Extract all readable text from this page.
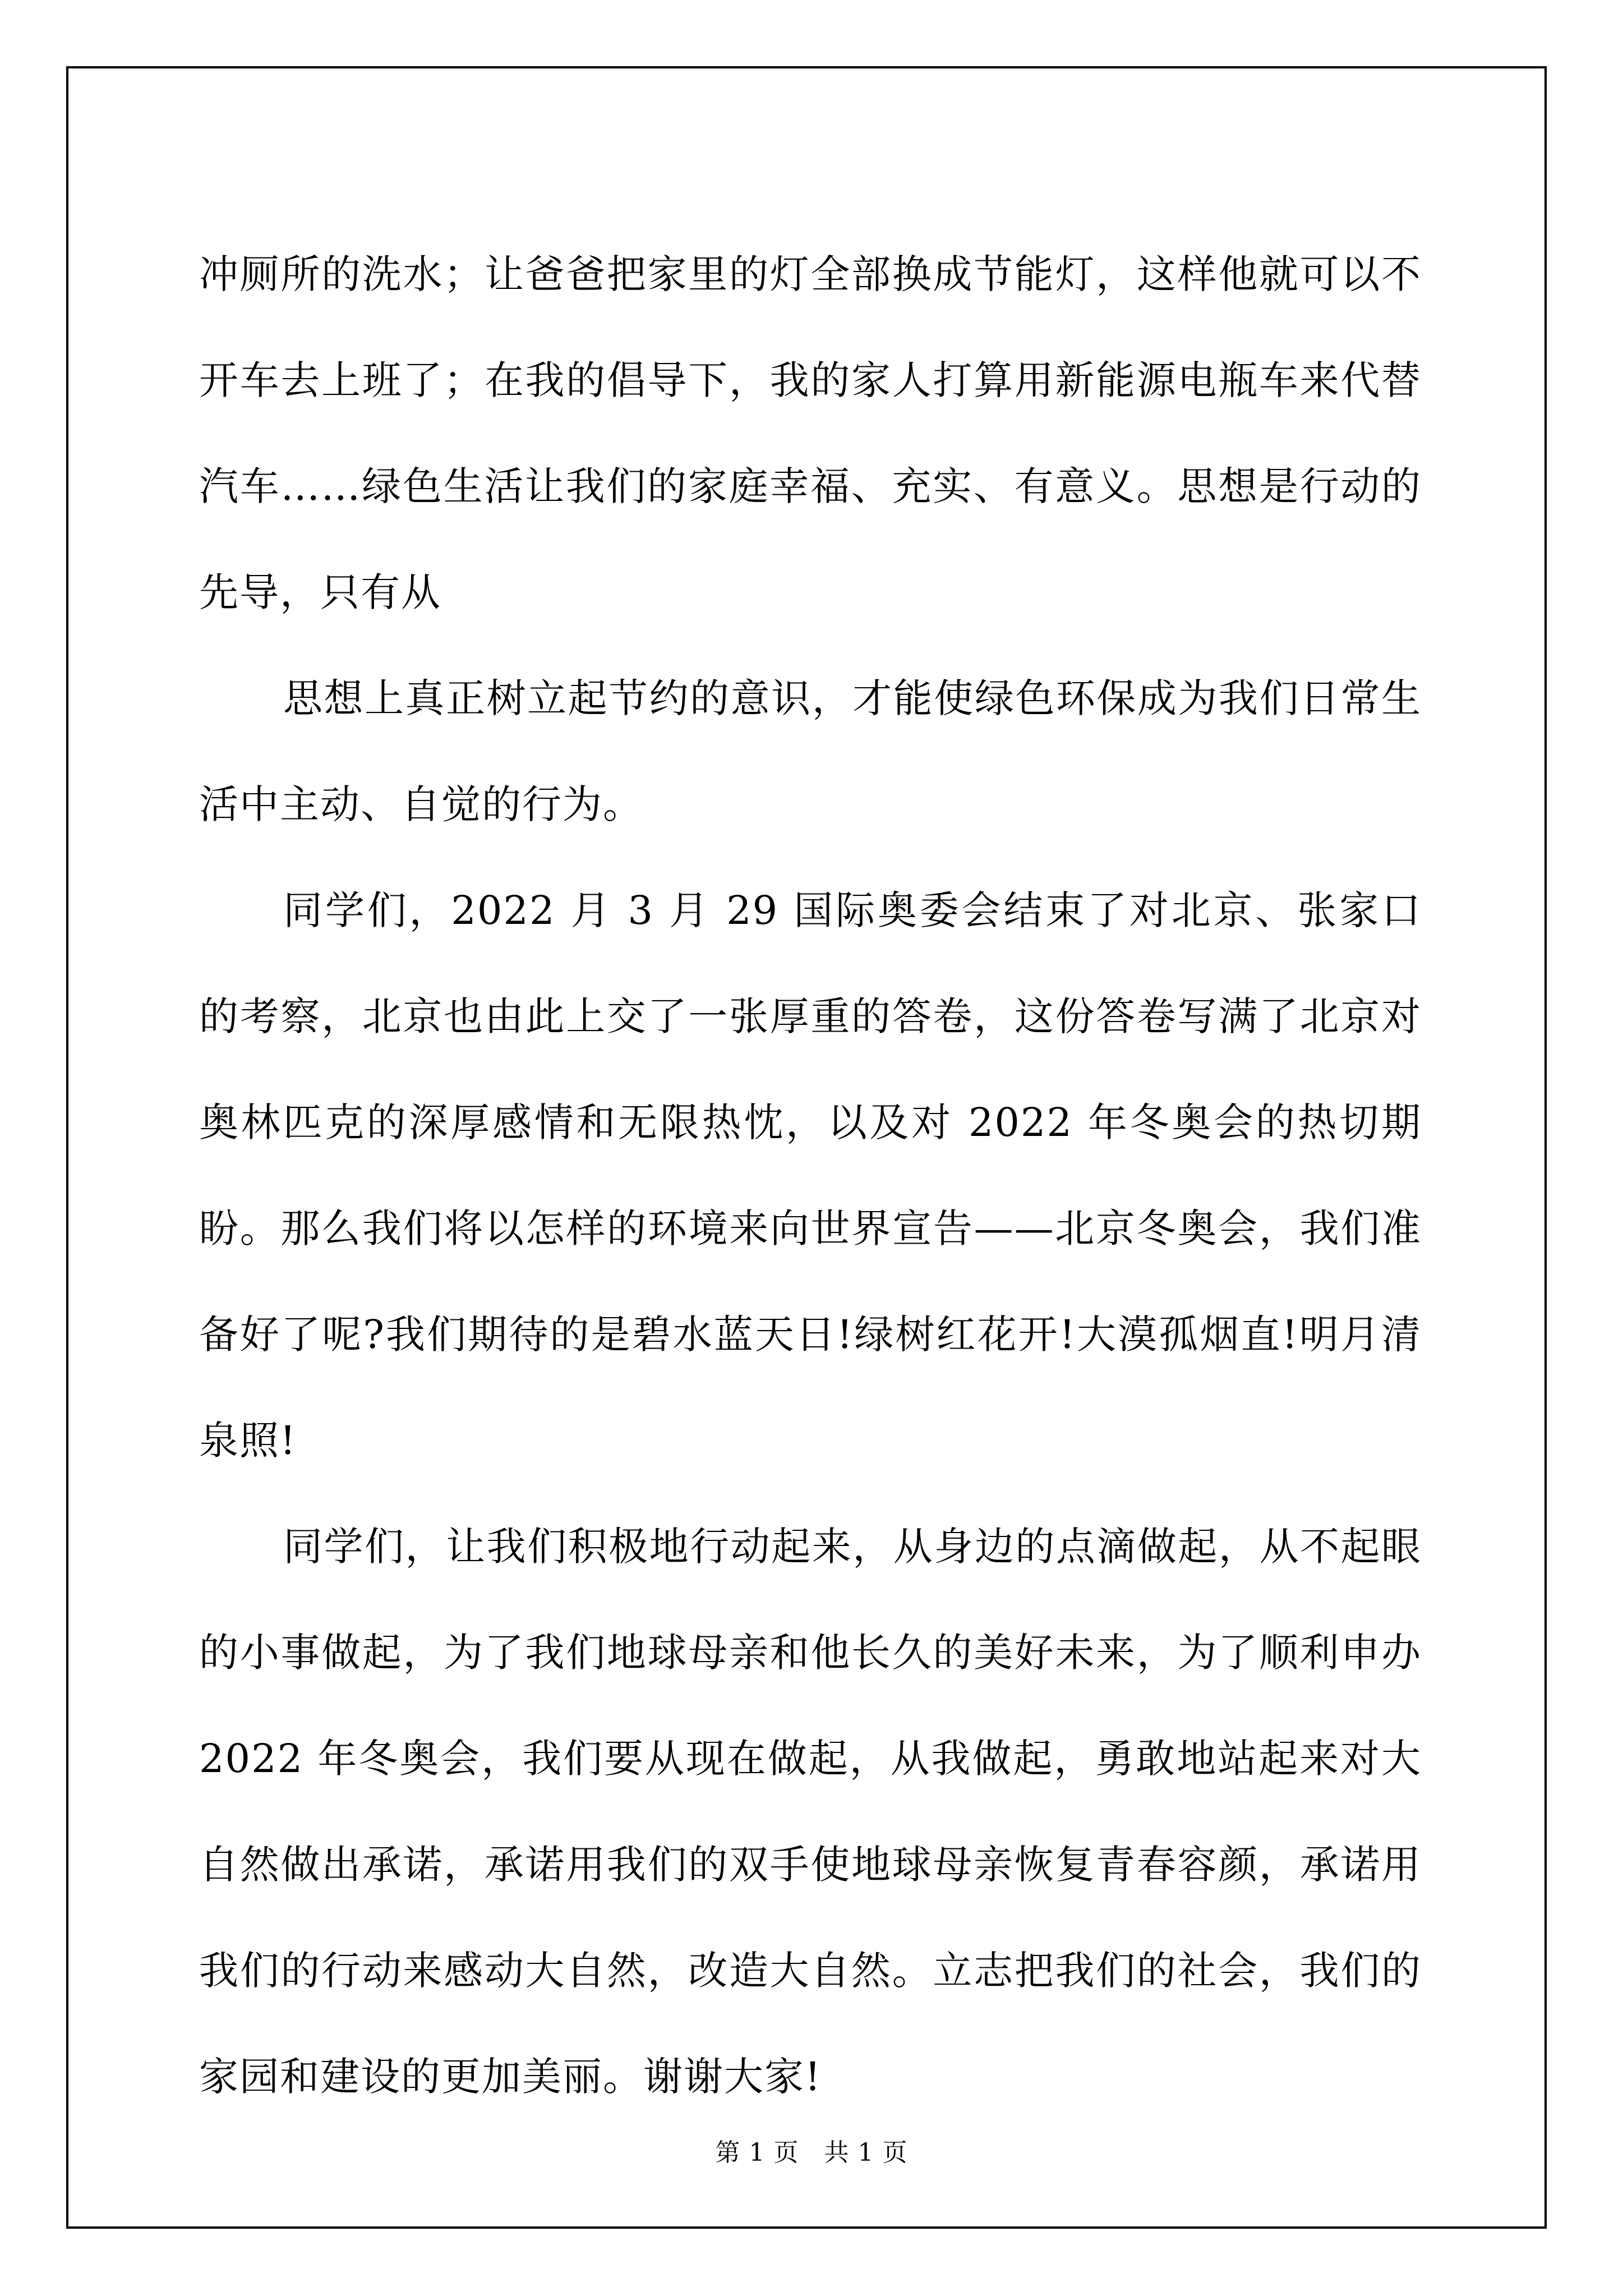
冲厕所的洗水；让爸爸把家里的灯全部换成节能灯，这样他就可以不开车去上班了；在我的倡导下，我的家人打算用新能源电瓶车来代替汽车……绿色生活让我们的家庭幸福、充实、有意义。思想是行动的先导，只有从

思想上真正树立起节约的意识，才能使绿色环保成为我们日常生活中主动、自觉的行为。

同学们，2022 月 3 月 29 国际奥委会结束了对北京、张家口的考察，北京也由此上交了一张厚重的答卷，这份答卷写满了北京对奥林匹克的深厚感情和无限热忱，以及对 2022 年冬奥会的热切期盼。那么我们将以怎样的环境来向世界宣告——北京冬奥会，我们准备好了呢?我们期待的是碧水蓝天日!绿树红花开!大漠孤烟直!明月清泉照!

同学们，让我们积极地行动起来，从身边的点滴做起，从不起眼的小事做起，为了我们地球母亲和他长久的美好未来，为了顺利申办 2022 年冬奥会，我们要从现在做起，从我做起，勇敢地站起来对大自然做出承诺，承诺用我们的双手使地球母亲恢复青春容颜，承诺用我们的行动来感动大自然，改造大自然。立志把我们的社会，我们的家园和建设的更加美丽。谢谢大家!

第 1 页   共 1 页
